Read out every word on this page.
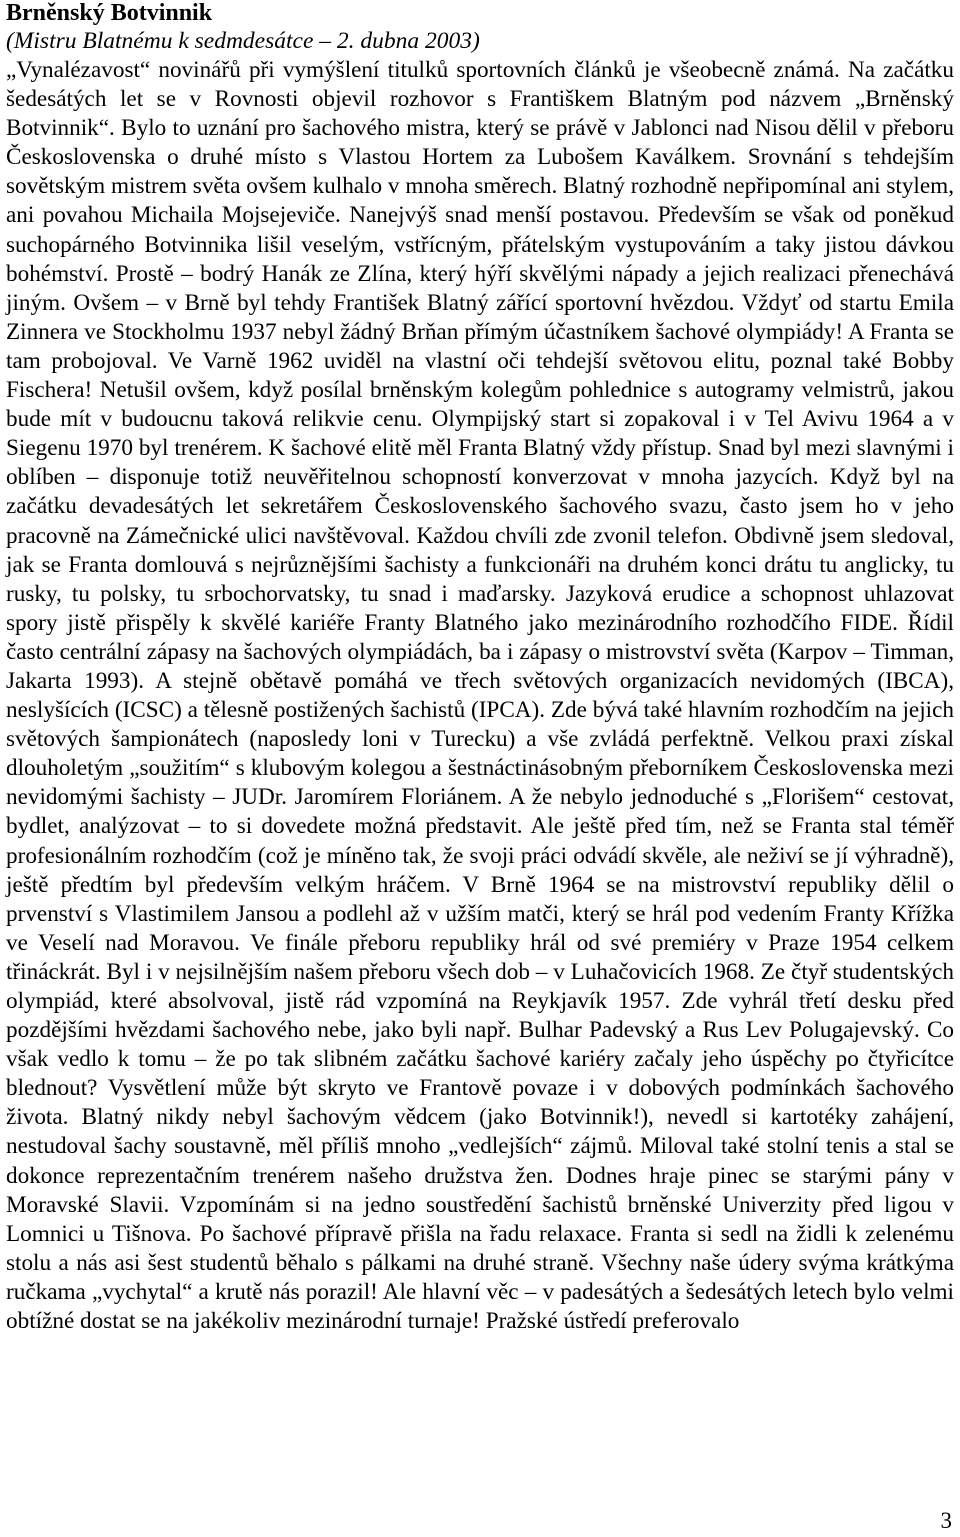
Brněnský Botvinnik

(Mistru Blatnému k sedmdesátce – 2. dubna 2003)

„Vynalézavost“ novinářů při vymýšlení titulků sportovních článků je všeobecně známá. Na začátku šedesátých let se v Rovnosti objevil rozhovor s Františkem Blatným pod názvem „Brněnský Botvinnik“. Bylo to uznání pro šachového mistra, který se právě v Jablonci nad Nisou dělil v přeboru Československa o druhé místo s Vlastou Hortem za Lubošem Kaválkem. Srovnání s tehdejším sovětským mistrem světa ovšem kulhalo v mnoha směrech. Blatný rozhodně nepřipomínal ani stylem, ani povahou Michaila Mojsejeviče. Nanejvýš snad menší postavou. Především se však od poněkud suchopárného Botvinnika lišil veselým, vstřícným, přátelským vystupováním a taky jistou dávkou bohémství. Prostě – bodrý Hanák ze Zlína, který hýří skvělými nápady a jejich realizaci přenechává jiným. Ovšem – v Brně byl tehdy František Blatný zářící sportovní hvězdou. Vždyť od startu Emila Zinnera ve Stockholmu 1937 nebyl žádný Brňan přímým účastníkem šachové olympiády! A Franta se tam probojoval. Ve Varně 1962 uviděl na vlastní oči tehdejší světovou elitu, poznal také Bobby Fischera! Netušil ovšem, když posílal brněnským kolegům pohlednice s autogramy velmistrů, jakou bude mít v budoucnu taková relikvie cenu. Olympijský start si zopakoval i v Tel Avivu 1964 a v Siegenu 1970 byl trenérem. K šachové elitě měl Franta Blatný vždy přístup. Snad byl mezi slavnými i oblíben – disponuje totiž neuvěřitelnou schopností konverzovat v mnoha jazycích. Když byl na začátku devadesátých let sekretářem Československého šachového svazu, často jsem ho v jeho pracovně na Zámečnické ulici navštěvoval. Každou chvíli zde zvonil telefon. Obdivně jsem sledoval, jak se Franta domlouvá s nejrůznějšími šachisty a funkcionáři na druhém konci drátu tu anglicky, tu rusky, tu polsky, tu srbochorvatsky, tu snad i maďarsky. Jazyková erudice a schopnost uhlazovat spory jistě přispěly k skvělé kariéře Franty Blatného jako mezinárodního rozhodčího FIDE. Řídil často centrální zápasy na šachových olympiádách, ba i zápasy o mistrovství světa (Karpov – Timman, Jakarta 1993). A stejně obětavě pomáhá ve třech světových organizacích nevidomých (IBCA), neslyšících (ICSC) a tělesně postižených šachistů (IPCA). Zde bývá také hlavním rozhodčím na jejich světových šampionátech (naposledy loni v Turecku) a vše zvládá perfektně. Velkou praxi získal dlouholetým „soužitím“ s klubovým kolegou a šestnáctinásobným přeborníkem Československa mezi nevidomými šachisty – JUDr. Jaromírem Floriánem. A že nebylo jednoduché s „Florišem“ cestovat, bydlet, analýzovat – to si dovedete možná představit. Ale ještě před tím, než se Franta stal téměř profesionálním rozhodčím (což je míněno tak, že svoji práci odvádí skvěle, ale neživí se jí výhradně), ještě předtím byl především velkým hráčem. V Brně 1964 se na mistrovství republiky dělil o prvenství s Vlastimilem Jansou a podlehl až v užším matči, který se hrál pod vedením Franty Křížka ve Veselí nad Moravou. Ve finále přeboru republiky hrál od své premiéry v Praze 1954 celkem třináckrát. Byl i v nejsilnějším našem přeboru všech dob – v Luhačovicích 1968. Ze čtyř studentských olympiád, které absolvoval, jistě rád vzpomíná na Reykjavík 1957. Zde vyhrál třetí desku před pozdějšími hvězdami šachového nebe, jako byli např. Bulhar Padevský a Rus Lev Polugajevský. Co však vedlo k tomu – že po tak slibném začátku šachové kariéry začaly jeho úspěchy po čtyřicítce blednout? Vysvětlení může být skryto ve Frantově povaze i v dobových podmínkách šachového života. Blatný nikdy nebyl šachovým vědcem (jako Botvinnik!), nevedl si kartotéky zahájení, nestudoval šachy soustavně, měl příliš mnoho „vedlejších“ zájmů. Miloval také stolní tenis a stal se dokonce reprezentačním trenérem našeho družstva žen. Dodnes hraje pinec se starými pány v Moravské Slavii. Vzpomínám si na jedno soustředění šachistů brněnské Univerzity před ligou v Lomnici u Tišnova. Po šachové přípravě přišla na řadu relaxace. Franta si sedl na židli k zelenému stolu a nás asi šest studentů běhalo s pálkami na druhé straně. Všechny naše údery svýma krátkýma ručkama „vychytal“ a krutě nás porazil! Ale hlavní věc – v padesátých a šedesátých letech bylo velmi obtížné dostat se na jakékoliv mezinárodní turnaje! Pražské ústředí preferovalo

3
